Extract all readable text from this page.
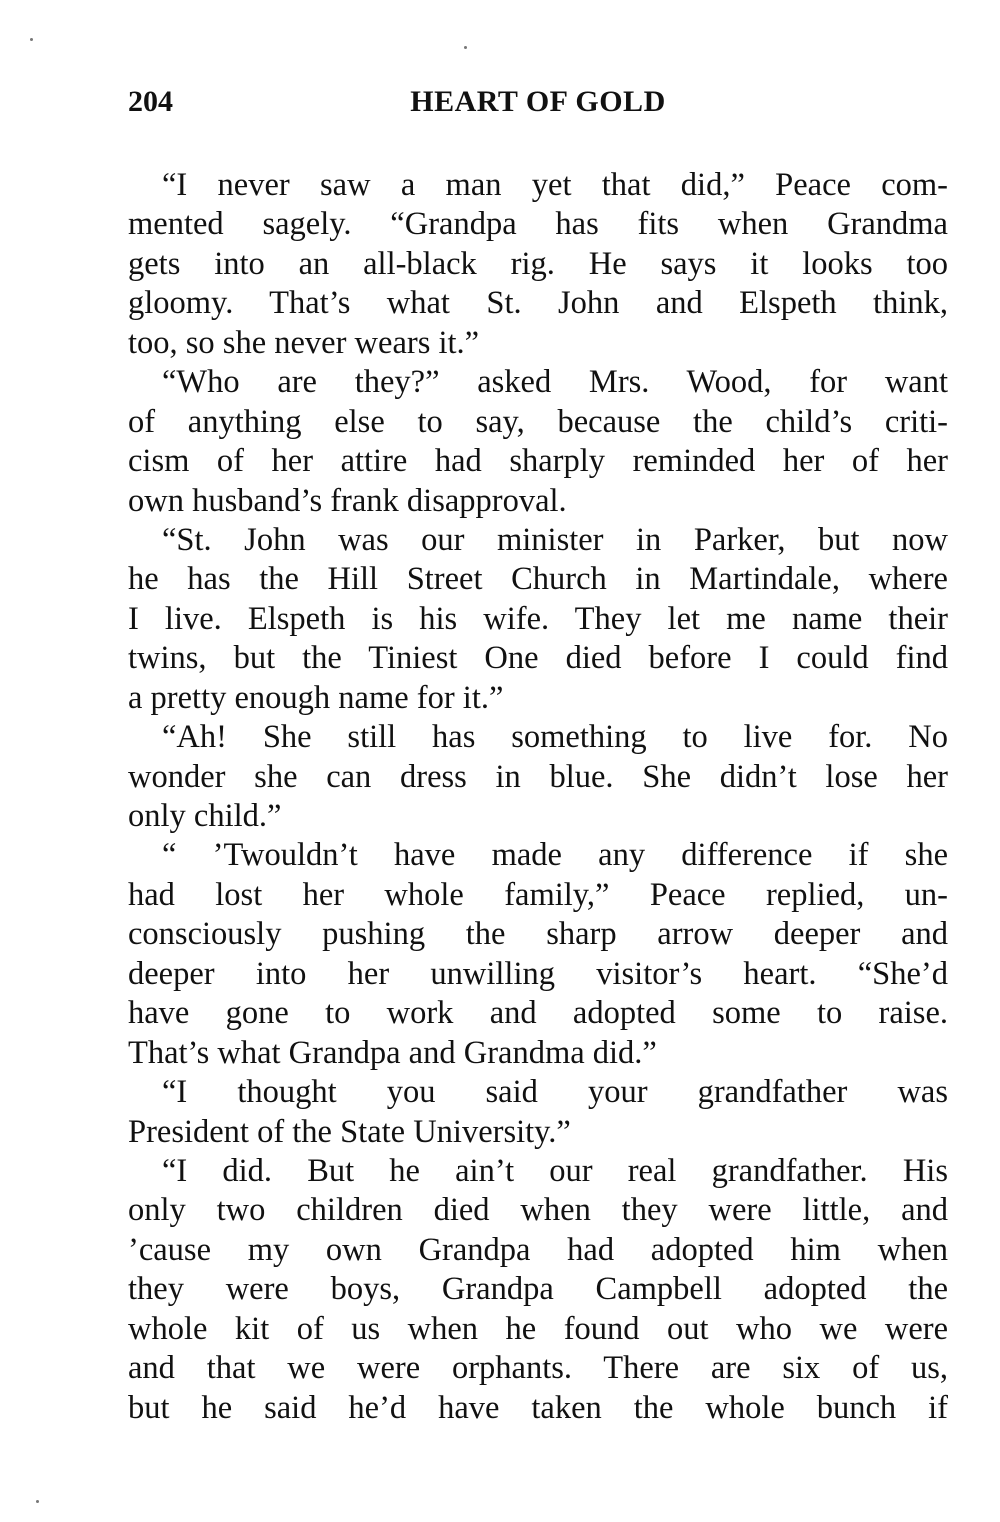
204	HEART OF GOLD
“I never saw a man yet that did,” Peace com-
mented sagely. “Grandpa has fits when Grandma
gets into an all-black rig. He says it looks too
gloomy. That’s what St. John and Elspeth think,
too, so she never wears it.”
“Who are they?” asked Mrs. Wood, for want
of anything else to say, because the child’s criti-
cism of her attire had sharply reminded her of her
own husband’s frank disapproval.
“St. John was our minister in Parker, but now
he has the Hill Street Church in Martindale, where
I live. Elspeth is his wife. They let me name their
twins, but the Tiniest One died before I could find
a pretty enough name for it.”
“Ah! She still has something to live for. No
wonder she can dress in blue. She didn’t lose her
only child.”
“ ’Twouldn’t have made any difference if she
had lost her whole family,” Peace replied, un-
consciously pushing the sharp arrow deeper and
deeper into her unwilling visitor’s heart. “She’d
have gone to work and adopted some to raise.
That’s what Grandpa and Grandma did.”
“I thought you said your grandfather was
President of the State University.”
“I did. But he ain’t our real grandfather. His
only two children died when they were little, and
’cause my own Grandpa had adopted him when
they were boys, Grandpa Campbell adopted the
whole kit of us when he found out who we were
and that we were orphants. There are six of us,
but he said he’d have taken the whole bunch if
